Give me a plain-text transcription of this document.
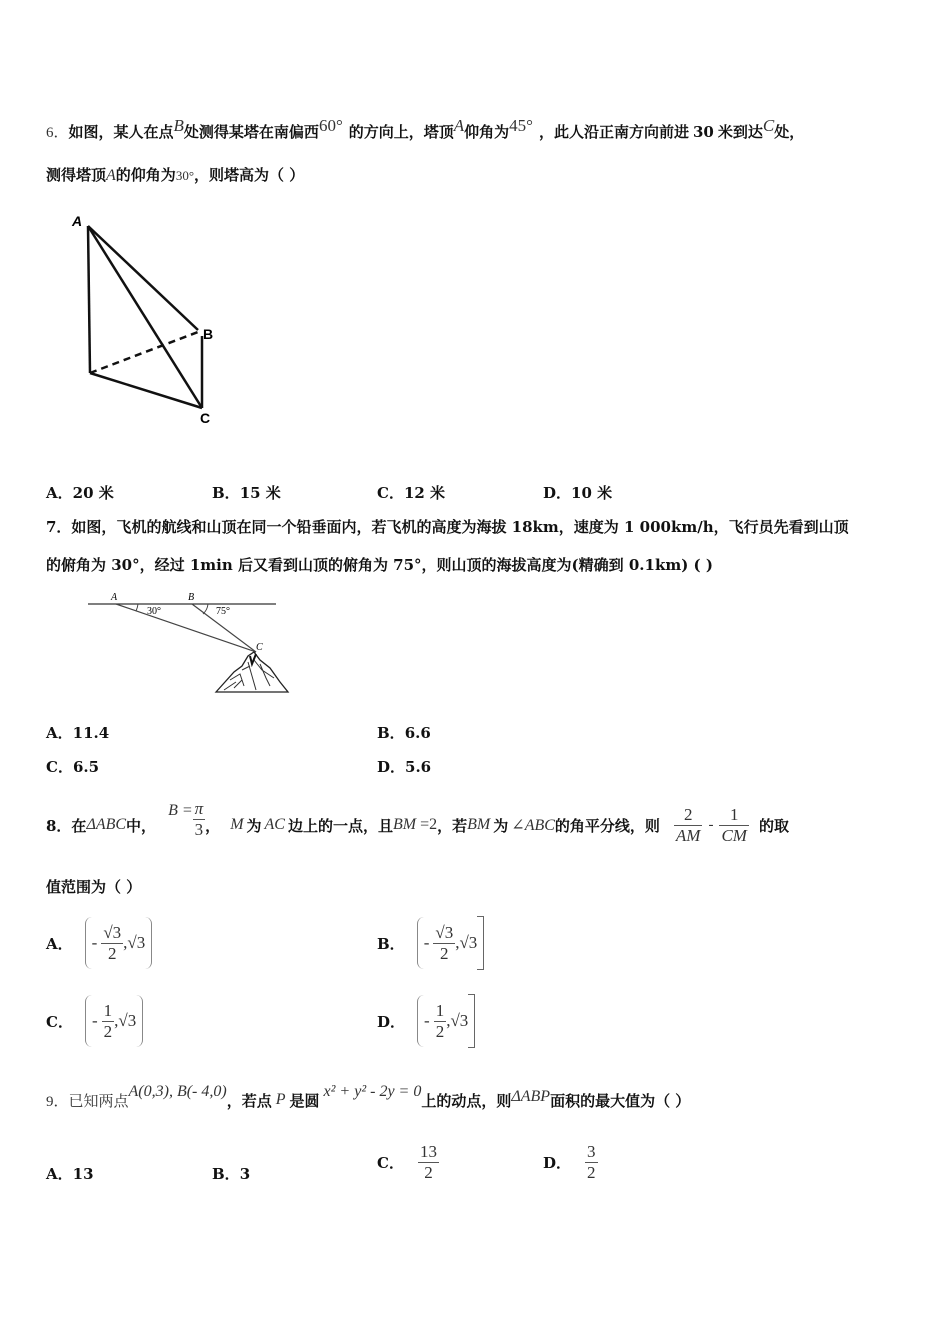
6．如图，某人在点$^B$处测得某塔在南偏西$^{60^\circ}$ 的方向上，塔顶$^A$仰角为$^{45^\circ}$ ，此人沿正南方向前进 30 米到达$^C$处，
测得塔顶A的仰角为30°，则塔高为（ ）
A
B
C
A．20 米	B．15 米	C．12 米	D．10 米
7．如图，飞机的航线和山顶在同一个铅垂面内，若飞机的高度为海拔 18km，速度为 1 000km/h，飞行员先看到山顶
的俯角为 30°，经过 1min 后又看到山顶的俯角为 75°，则山顶的海拔高度为(精确到 0.1km) ( )
A	B
30°	75°
C
A．11.4	B．6.6
C．6.5	D．5.6
8．在 ΔABC 中，
$B = \frac{\pi}{3}$ ， M 为 AC 边上的一点，且 BM =2 ，若 BM 为 ∠ABC 的角平分线，则 $\frac{2}{AM} - \frac{1}{CM}$ 的取
值范围为（ ）
A． - $\frac{√3}{2}$ , √3	B． - $\frac{√3}{2}$ , √3
C． - $\frac{1}{2}$ , √3	D． - $\frac{1}{2}$ , √3
9．已知两点
A(0,3), B(- 4,0) ，若点 P 是圆 x² + y² - 2y = 0 上的动点，则 ΔABP 面积的最大值为（ ）
A．13	B．3
C． $\frac{13}{2}$	D． $\frac{3}{2}$
